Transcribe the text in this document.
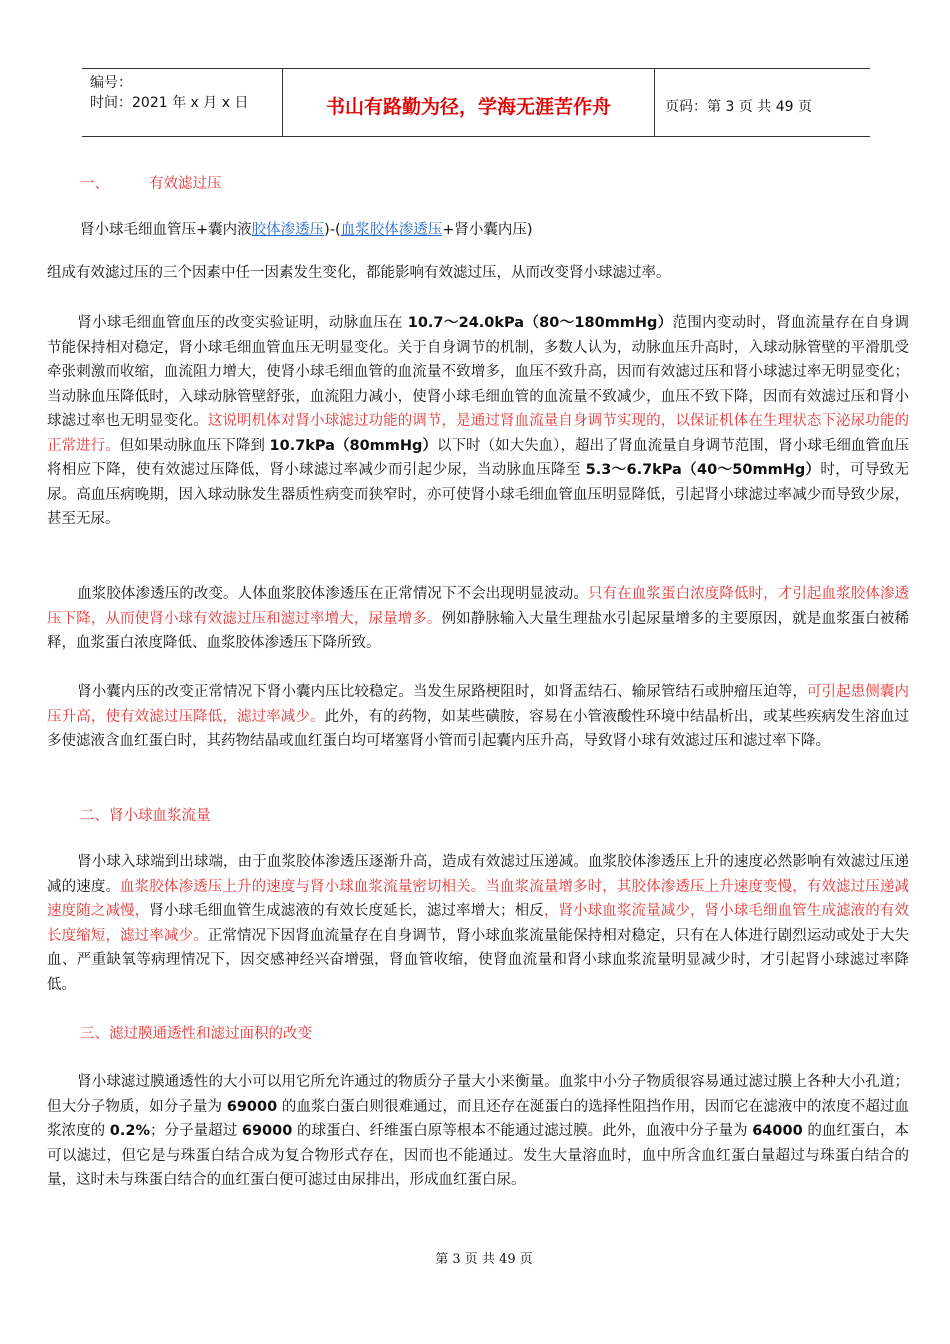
编号：
时间：2021 年 x 月 x 日	书山有路勤为径，学海无涯苦作舟	页码：第 3 页 共 49 页
一、	有效滤过压
肾小球毛细血管压+囊内液胶体渗透压)-(血浆胶体渗透压+肾小囊内压)

组成有效滤过压的三个因素中任一因素发生变化，都能影响有效滤过压，从而改变肾小球滤过率。

肾小球毛细血管血压的改变实验证明，动脉血压在 10.7～24.0kPa（80～180mmHg）范围内变动时，肾血流量存在自身调节能保持相对稳定，肾小球毛细血管血压无明显变化。关于自身调节的机制，多数人认为，动脉血压升高时，入球动脉管壁的平滑肌受牵张刺激而收缩，血流阻力增大，使肾小球毛细血管的血流量不致增多，血压不致升高，因而有效滤过压和肾小球滤过率无明显变化；当动脉血压降低时，入球动脉管壁舒张，血流阻力减小，使肾小球毛细血管的血流量不致减少，血压不致下降，因而有效滤过压和肾小球滤过率也无明显变化。这说明机体对肾小球滤过功能的调节，是通过肾血流量自身调节实现的，以保证机体在生理状态下泌尿功能的正常进行。但如果动脉血压下降到 10.7kPa（80mmHg）以下时（如大失血），超出了肾血流量自身调节范围，肾小球毛细血管血压将相应下降，使有效滤过压降低，肾小球滤过率减少而引起少尿，当动脉血压降至 5.3～6.7kPa（40～50mmHg）时，可导致无尿。高血压病晚期，因入球动脉发生器质性病变而狭窄时，亦可使肾小球毛细血管血压明显降低，引起肾小球滤过率减少而导致少尿，甚至无尿。

血浆胶体渗透压的改变。人体血浆胶体渗透压在正常情况下不会出现明显波动。只有在血浆蛋白浓度降低时，才引起血浆胶体渗透压下降，从而使肾小球有效滤过压和滤过率增大，尿量增多。例如静脉输入大量生理盐水引起尿量增多的主要原因，就是血浆蛋白被稀释，血浆蛋白浓度降低、血浆胶体渗透压下降所致。

肾小囊内压的改变正常情况下肾小囊内压比较稳定。当发生尿路梗阻时，如肾盂结石、输尿管结石或肿瘤压迫等，可引起患侧囊内压升高，使有效滤过压降低，滤过率减少。此外，有的药物，如某些磺胺，容易在小管液酸性环境中结晶析出，或某些疾病发生溶血过多使滤液含血红蛋白时，其药物结晶或血红蛋白均可堵塞肾小管而引起囊内压升高，导致肾小球有效滤过压和滤过率下降。

二、肾小球血浆流量

肾小球入球端到出球端，由于血浆胶体渗透压逐渐升高，造成有效滤过压递减。血浆胶体渗透压上升的速度必然影响有效滤过压递减的速度。血浆胶体渗透压上升的速度与肾小球血浆流量密切相关。当血浆流量增多时，其胶体渗透压上升速度变慢，有效滤过压递减速度随之减慢，肾小球毛细血管生成滤液的有效长度延长，滤过率增大；相反，肾小球血浆流量减少，肾小球毛细血管生成滤液的有效长度缩短，滤过率减少。正常情况下因肾血流量存在自身调节，肾小球血浆流量能保持相对稳定，只有在人体进行剧烈运动或处于大失血、严重缺氧等病理情况下，因交感神经兴奋增强，肾血管收缩，使肾血流量和肾小球血浆流量明显减少时，才引起肾小球滤过率降低。

三、滤过膜通透性和滤过面积的改变

肾小球滤过膜通透性的大小可以用它所允许通过的物质分子量大小来衡量。血浆中小分子物质很容易通过滤过膜上各种大小孔道；但大分子物质，如分子量为 69000 的血浆白蛋白则很难通过，而且还存在涎蛋白的选择性阻挡作用，因而它在滤液中的浓度不超过血浆浓度的 0.2%；分子量超过 69000 的球蛋白、纤维蛋白原等根本不能通过滤过膜。此外，血液中分子量为 64000 的血红蛋白，本可以滤过，但它是与珠蛋白结合成为复合物形式存在，因而也不能通过。发生大量溶血时，血中所含血红蛋白量超过与珠蛋白结合的量，这时未与珠蛋白结合的血红蛋白便可滤过由尿排出，形成血红蛋白尿。

第 3 页 共 49 页
